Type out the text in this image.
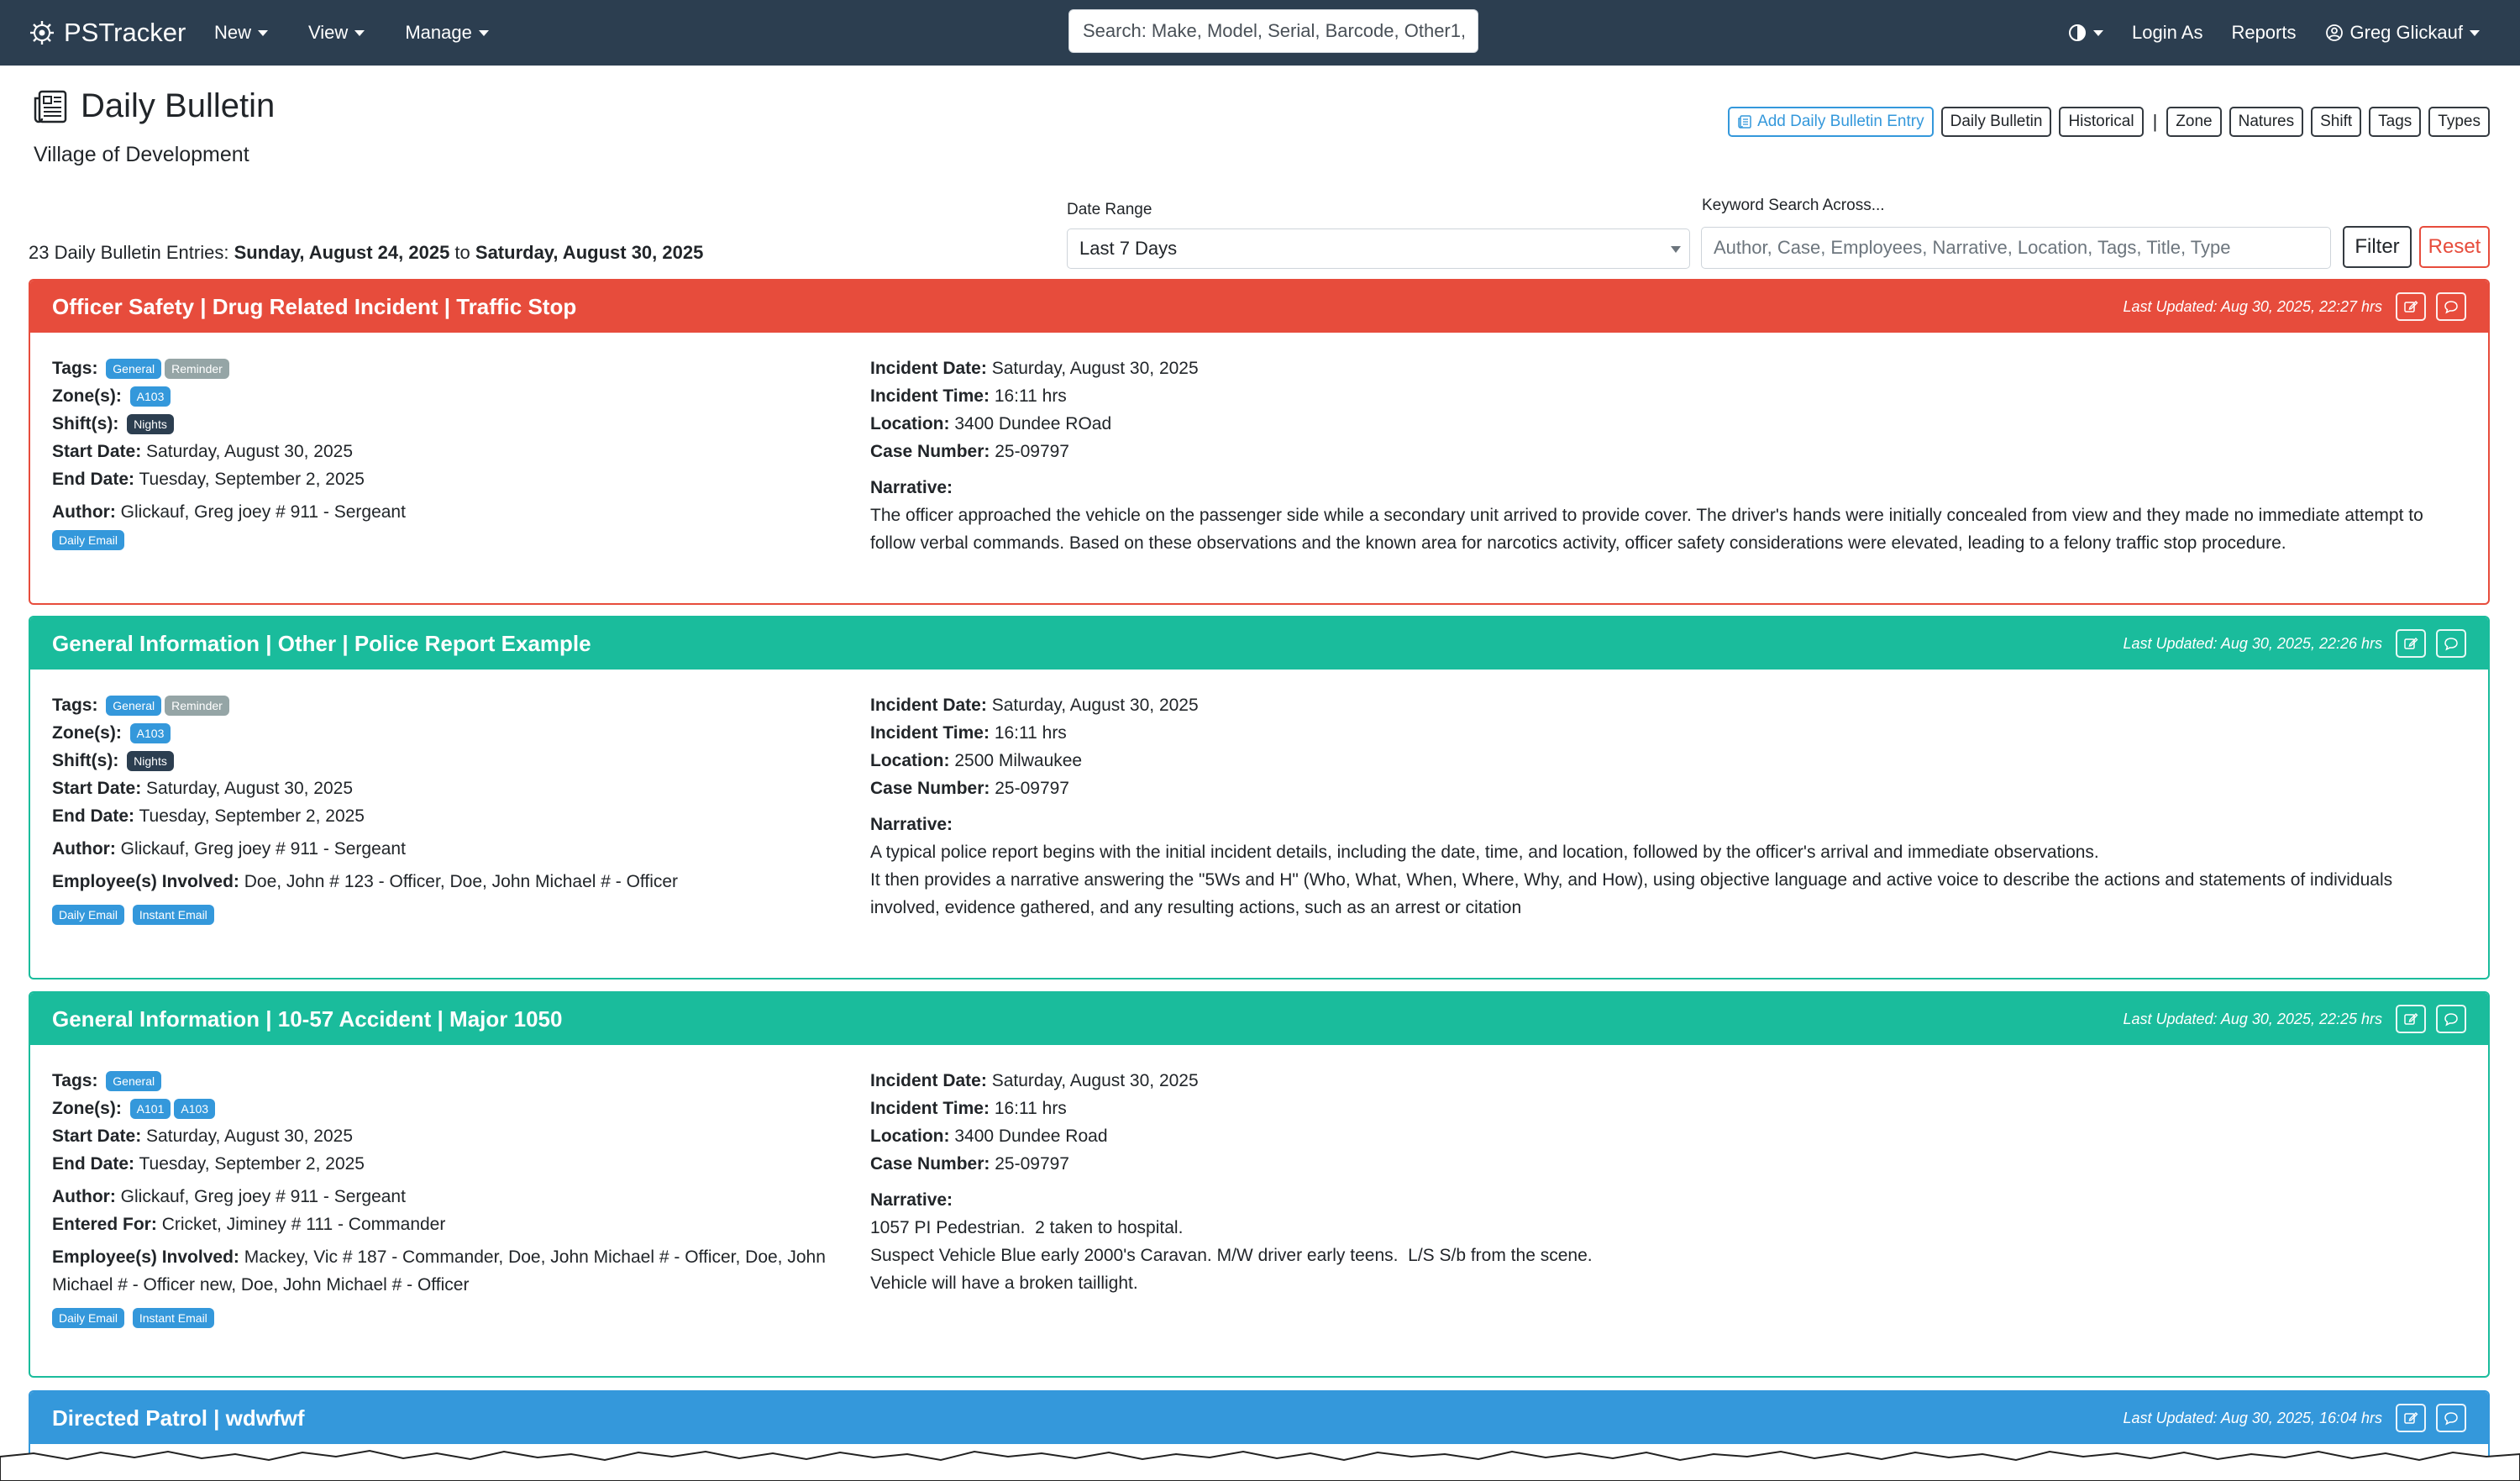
PSTracker New	View	Manage
Search: Make, Model, Serial, Barcode, Other1,	Login As Reports	Greg Glickauf
Daily Bulletin
Village of Development
Add Daily Bulletin Entry	Daily Bulletin	Historical	|	Zone	Natures	Shift	Tags	Types
23 Daily Bulletin Entries: Sunday, August 24, 2025 to Saturday, August 30, 2025
Date Range
Last 7 Days
Keyword Search Across...
Author, Case, Employees, Narrative, Location, Tags, Title, Type
Filter	Reset
Officer Safety | Drug Related Incident | Traffic Stop	Last Updated: Aug 30, 2025, 22:27 hrs
Tags: General Reminder
Zone(s): A103
Shift(s): Nights
Start Date: Saturday, August 30, 2025
End Date: Tuesday, September 2, 2025
Author: Glickauf, Greg joey # 911 - Sergeant
Daily Email
Incident Date: Saturday, August 30, 2025
Incident Time: 16:11 hrs
Location: 3400 Dundee ROad
Case Number: 25-09797
Narrative:
The officer approached the vehicle on the passenger side while a secondary unit arrived to provide cover. The driver's hands were initially concealed from view and they made no immediate attempt to
follow verbal commands. Based on these observations and the known area for narcotics activity, officer safety considerations were elevated, leading to a felony traffic stop procedure.
General Information | Other | Police Report Example	Last Updated: Aug 30, 2025, 22:26 hrs
Tags: General Reminder
Zone(s): A103
Shift(s): Nights
Start Date: Saturday, August 30, 2025
End Date: Tuesday, September 2, 2025
Author: Glickauf, Greg joey # 911 - Sergeant
Employee(s) Involved: Doe, John # 123 - Officer, Doe, John Michael # - Officer
Daily Email Instant Email
Incident Date: Saturday, August 30, 2025
Incident Time: 16:11 hrs
Location: 2500 Milwaukee
Case Number: 25-09797
Narrative:
A typical police report begins with the initial incident details, including the date, time, and location, followed by the officer's arrival and immediate observations.
It then provides a narrative answering the "5Ws and H" (Who, What, When, Where, Why, and How), using objective language and active voice to describe the actions and statements of individuals
involved, evidence gathered, and any resulting actions, such as an arrest or citation
General Information | 10-57 Accident | Major 1050	Last Updated: Aug 30, 2025, 22:25 hrs
Tags: General
Zone(s): A101 A103
Start Date: Saturday, August 30, 2025
End Date: Tuesday, September 2, 2025
Author: Glickauf, Greg joey # 911 - Sergeant
Entered For: Cricket, Jiminey # 111 - Commander
Employee(s) Involved: Mackey, Vic # 187 - Commander, Doe, John Michael # - Officer, Doe, John
Michael # - Officer new, Doe, John Michael # - Officer
Daily Email Instant Email
Incident Date: Saturday, August 30, 2025
Incident Time: 16:11 hrs
Location: 3400 Dundee Road
Case Number: 25-09797
Narrative:
1057 PI Pedestrian.  2 taken to hospital.
Suspect Vehicle Blue early 2000's Caravan. M/W driver early teens.  L/S S/b from the scene.
Vehicle will have a broken taillight.
Directed Patrol | wdwfwf	Last Updated: Aug 30, 2025, 16:04 hrs
